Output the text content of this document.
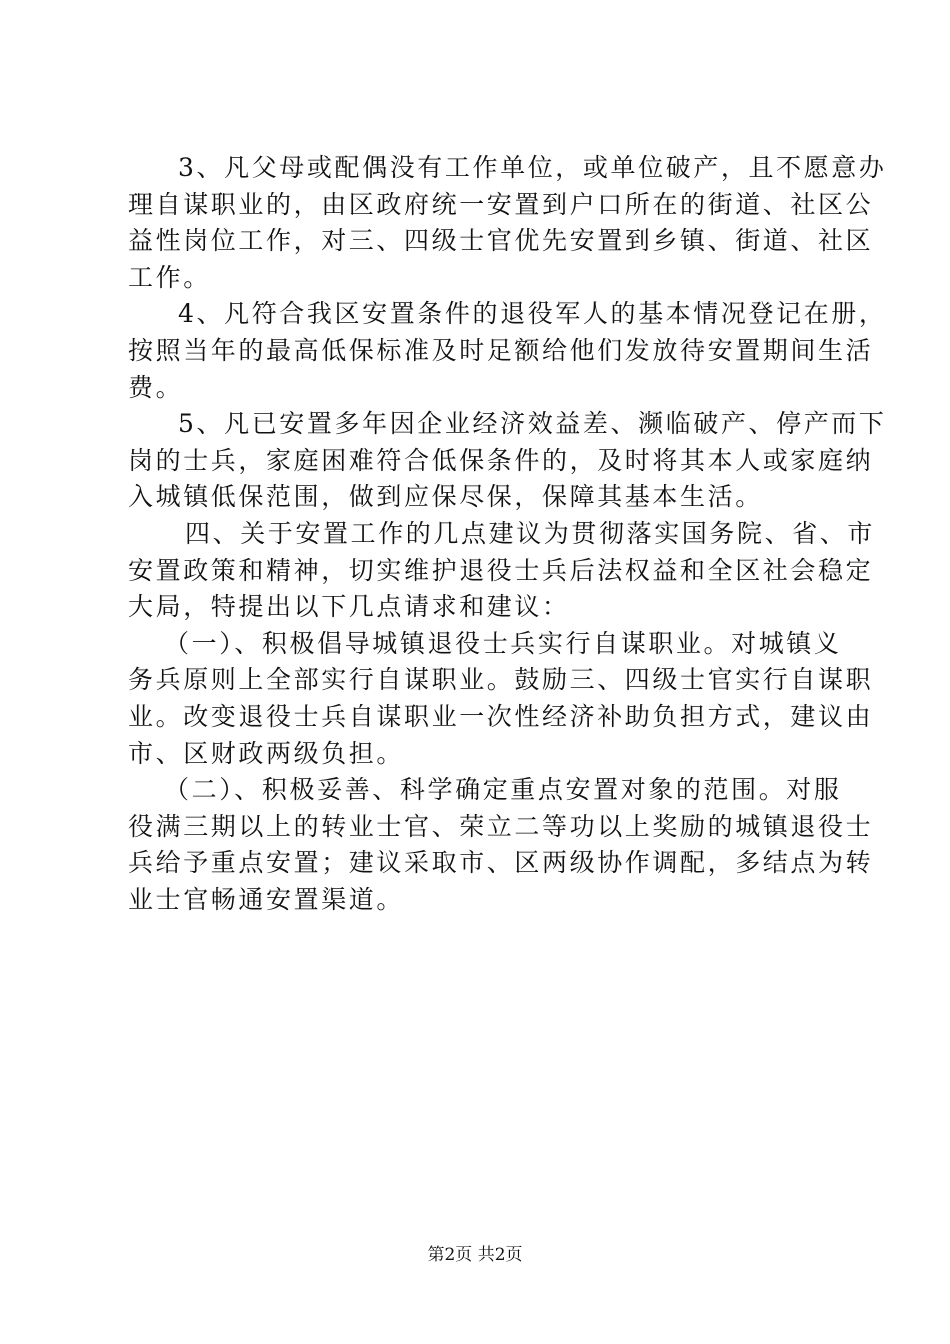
3、凡父母或配偶没有工作单位，或单位破产，且不愿意办
理自谋职业的，由区政府统一安置到户口所在的街道、社区公
益性岗位工作，对三、四级士官优先安置到乡镇、街道、社区
工作。

4、凡符合我区安置条件的退役军人的基本情况登记在册，
按照当年的最高低保标准及时足额给他们发放待安置期间生活
费。

5、凡已安置多年因企业经济效益差、濒临破产、停产而下
岗的士兵，家庭困难符合低保条件的，及时将其本人或家庭纳
入城镇低保范围，做到应保尽保，保障其基本生活。

四、关于安置工作的几点建议为贯彻落实国务院、省、市
安置政策和精神，切实维护退役士兵后法权益和全区社会稳定
大局，特提出以下几点请求和建议：

（一）、积极倡导城镇退役士兵实行自谋职业。对城镇义
务兵原则上全部实行自谋职业。鼓励三、四级士官实行自谋职
业。改变退役士兵自谋职业一次性经济补助负担方式，建议由
市、区财政两级负担。

（二）、积极妥善、科学确定重点安置对象的范围。对服
役满三期以上的转业士官、荣立二等功以上奖励的城镇退役士
兵给予重点安置；建议采取市、区两级协作调配，多结点为转
业士官畅通安置渠道。

第2页 共2页
